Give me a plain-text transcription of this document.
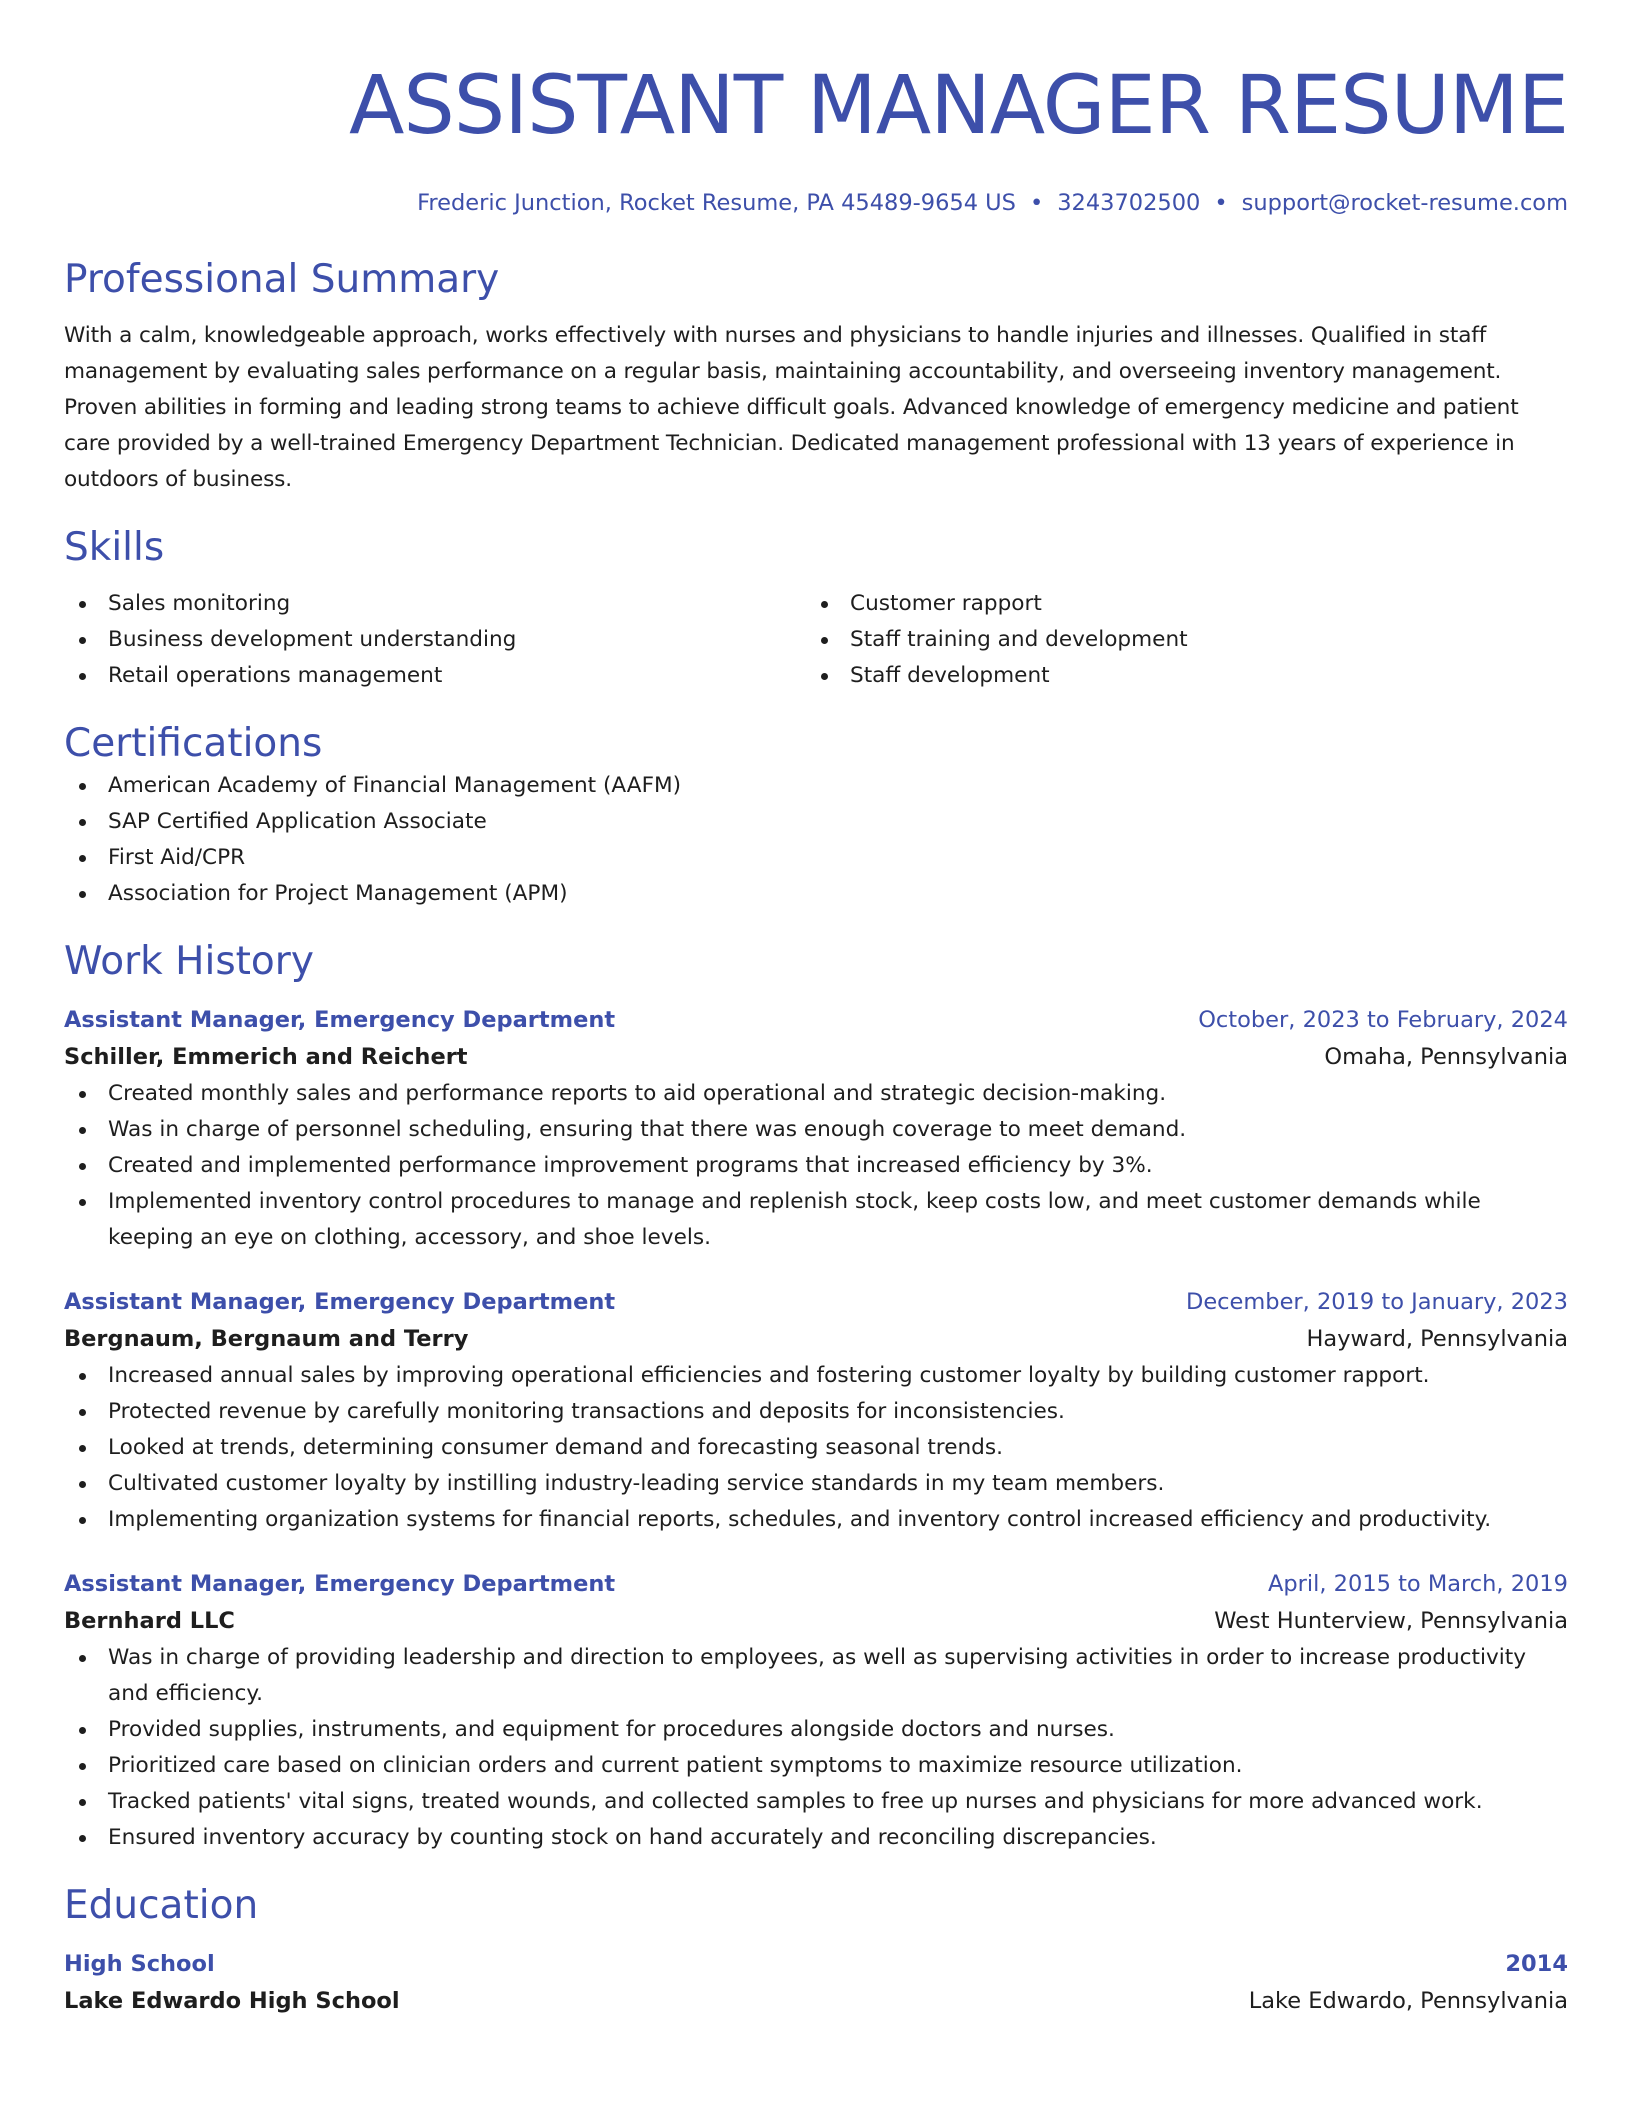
ASSISTANT MANAGER RESUME
Frederic Junction, Rocket Resume, PA 45489-9654 US • 3243702500 • support@rocket-resume.com
Professional Summary

With a calm, knowledgeable approach, works effectively with nurses and physicians to handle injuries and illnesses. Qualified in staff management by evaluating sales performance on a regular basis, maintaining accountability, and overseeing inventory management. Proven abilities in forming and leading strong teams to achieve difficult goals. Advanced knowledge of emergency medicine and patient care provided by a well-trained Emergency Department Technician. Dedicated management professional with 13 years of experience in outdoors of business.

Skills
Sales monitoring
Business development understanding
Retail operations management
Customer rapport
Staff training and development
Staff development
Certifications
American Academy of Financial Management (AAFM)
SAP Certified Application Associate
First Aid/CPR
Association for Project Management (APM)
Work History
Assistant Manager, Emergency Department	October, 2023 to February, 2024
Schiller, Emmerich and Reichert	Omaha, Pennsylvania
Created monthly sales and performance reports to aid operational and strategic decision-making.
Was in charge of personnel scheduling, ensuring that there was enough coverage to meet demand.
Created and implemented performance improvement programs that increased efficiency by 3%.
Implemented inventory control procedures to manage and replenish stock, keep costs low, and meet customer demands while keeping an eye on clothing, accessory, and shoe levels.
Assistant Manager, Emergency Department	December, 2019 to January, 2023
Bergnaum, Bergnaum and Terry	Hayward, Pennsylvania
Increased annual sales by improving operational efficiencies and fostering customer loyalty by building customer rapport.
Protected revenue by carefully monitoring transactions and deposits for inconsistencies.
Looked at trends, determining consumer demand and forecasting seasonal trends.
Cultivated customer loyalty by instilling industry-leading service standards in my team members.
Implementing organization systems for financial reports, schedules, and inventory control increased efficiency and productivity.
Assistant Manager, Emergency Department	April, 2015 to March, 2019
Bernhard LLC	West Hunterview, Pennsylvania
Was in charge of providing leadership and direction to employees, as well as supervising activities in order to increase productivity and efficiency.
Provided supplies, instruments, and equipment for procedures alongside doctors and nurses.
Prioritized care based on clinician orders and current patient symptoms to maximize resource utilization.
Tracked patients' vital signs, treated wounds, and collected samples to free up nurses and physicians for more advanced work.
Ensured inventory accuracy by counting stock on hand accurately and reconciling discrepancies.
Education
High School	2014
Lake Edwardo High School	Lake Edwardo, Pennsylvania
